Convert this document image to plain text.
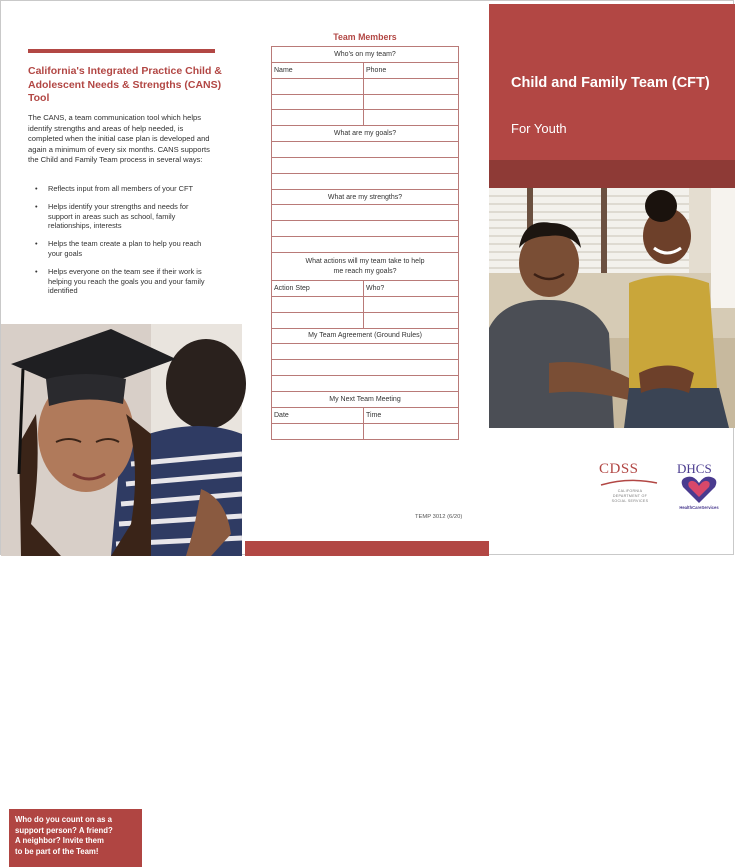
California's Integrated Practice Child & Adolescent Needs & Strengths (CANS) Tool
The CANS, a team communication tool which helps identify strengths and areas of help needed, is completed when the initial case plan is developed and again a minimum of every six months. CANS supports the Child and Family Team process in several ways:
• Reflects input from all members of your CFT
• Helps identify your strengths and needs for support in areas such as school, family relationships, interests
• Helps the team create a plan to help you reach your goals
• Helps everyone on the team see if their work is helping you reach the goals you and your family identified
Who do you count on as a
support person? A friend?
A neighbor? Invite them
to be part of the Team!
Team Members
Who's on my team?
Name	Phone
What are my goals?
What are my strengths?
What actions will my team take to help me reach my goals?
Action Step	Who?
My Team Agreement (Ground Rules)
My Next Team Meeting
Date	Time
TEMP 3012 (6/20)
Child and Family Team (CFT)
For Youth
CDSS
CALIFORNIA DEPARTMENT OF SOCIAL SERVICES
DHCS
HealthCareServices
